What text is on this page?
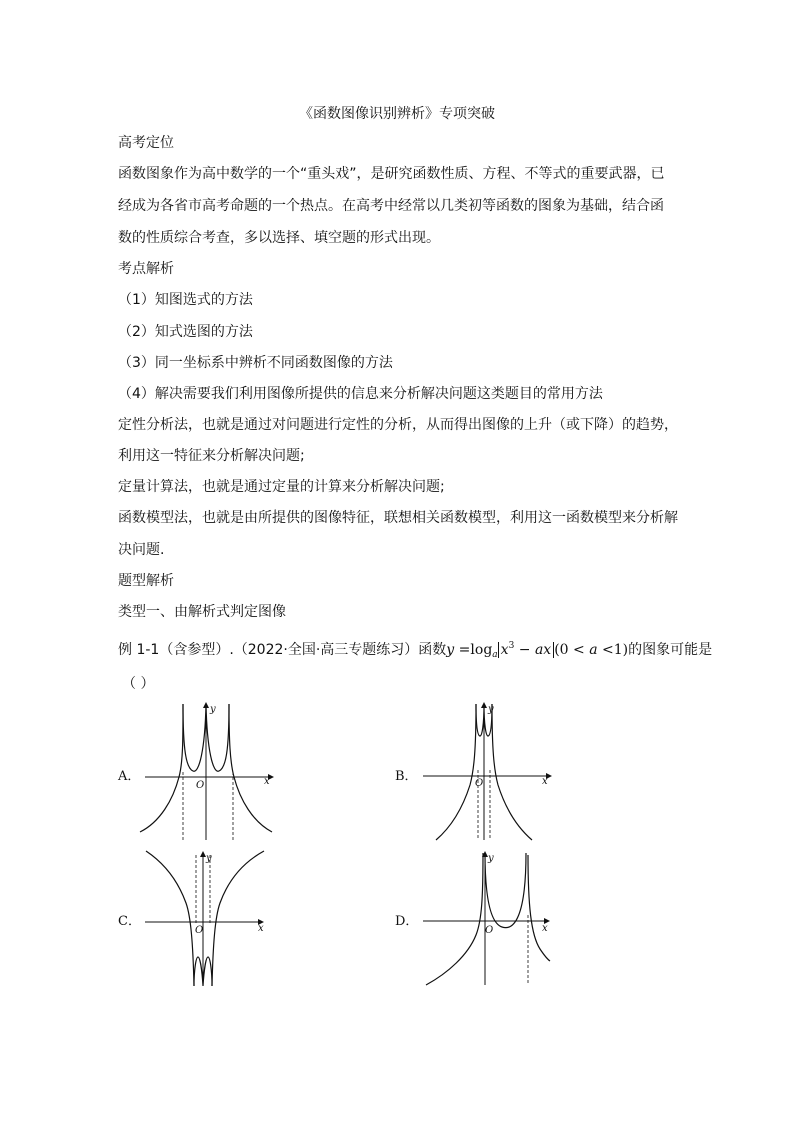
《函数图像识别辨析》专项突破
高考定位
函数图象作为高中数学的一个“重头戏”，是研究函数性质、方程、不等式的重要武器，已
经成为各省市高考命题的一个热点。在高考中经常以几类初等函数的图象为基础，结合函
数的性质综合考查，多以选择、填空题的形式出现。
考点解析
（1）知图选式的方法
（2）知式选图的方法
（3）同一坐标系中辨析不同函数图像的方法
（4）解决需要我们利用图像所提供的信息来分析解决问题这类题目的常用方法
定性分析法，也就是通过对问题进行定性的分析，从而得出图像的上升（或下降）的趋势，
利用这一特征来分析解决问题;
定量计算法，也就是通过定量的计算来分析解决问题;
函数模型法，也就是由所提供的图像特征，联想相关函数模型，利用这一函数模型来分析解
决问题.
题型解析
类型一、由解析式判定图像
例 1-1（含参型）.（2022·全国·高三专题练习）函数$y =\log_a$ $x^3$ − ax (0 < a <1)的图象可能是
（ ）
A．
y
x
O
B．
y
x
O
C．
y
x
O
D．
y
x
O
